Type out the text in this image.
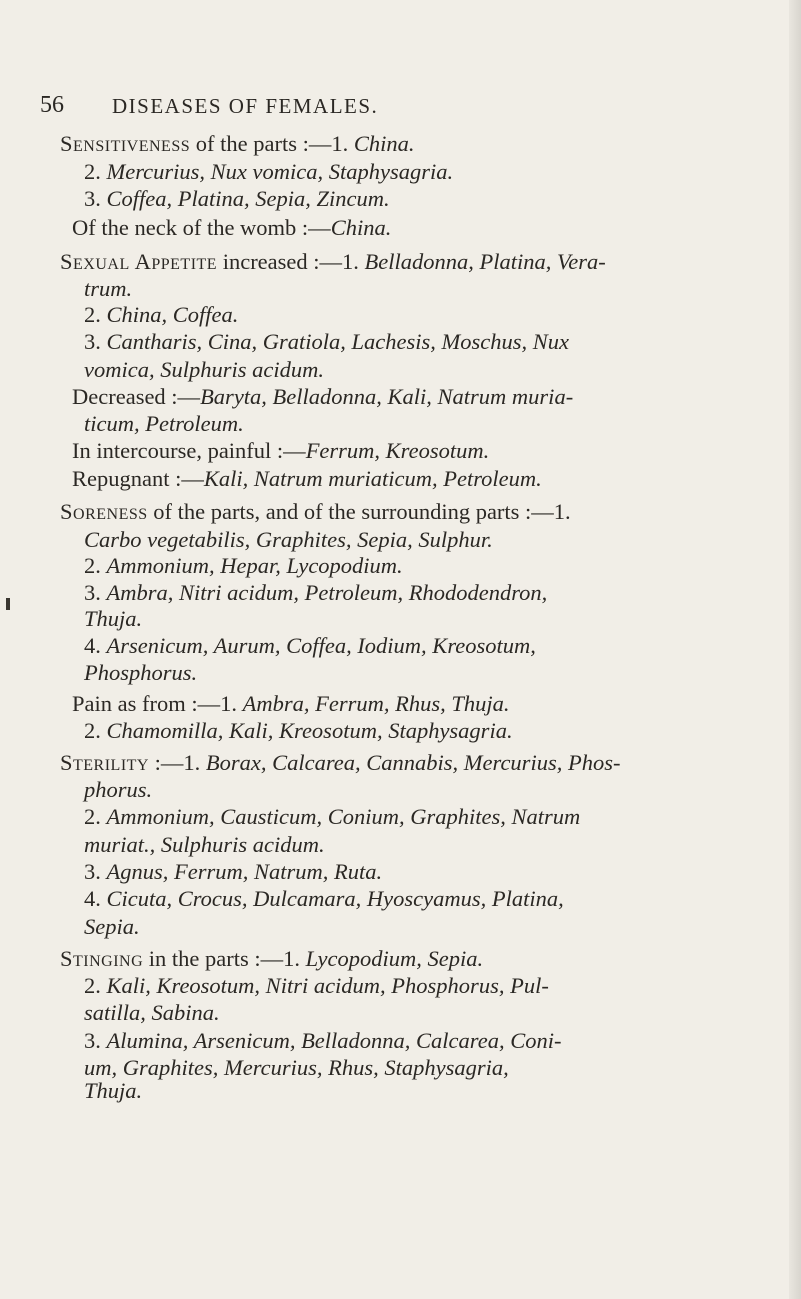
56 DISEASES OF FEMALES.
Sensitiveness of the parts :—1. China.
2. Mercurius, Nux vomica, Staphysagria.
3. Coffea, Platina, Sepia, Zincum.
Of the neck of the womb :—China.
Sexual Appetite increased :—1. Belladonna, Platina, Vera-
trum.
2. China, Coffea.
3. Cantharis, Cina, Gratiola, Lachesis, Moschus, Nux
vomica, Sulphuris acidum.
Decreased :—Baryta, Belladonna, Kali, Natrum muria-
ticum, Petroleum.
In intercourse, painful :—Ferrum, Kreosotum.
Repugnant :—Kali, Natrum muriaticum, Petroleum.
Soreness of the parts, and of the surrounding parts :—1.
Carbo vegetabilis, Graphites, Sepia, Sulphur.
2. Ammonium, Hepar, Lycopodium.
3. Ambra, Nitri acidum, Petroleum, Rhododendron,
Thuja.
4. Arsenicum, Aurum, Coffea, Iodium, Kreosotum,
Phosphorus.
Pain as from :—1. Ambra, Ferrum, Rhus, Thuja.
2. Chamomilla, Kali, Kreosotum, Staphysagria.
Sterility :—1. Borax, Calcarea, Cannabis, Mercurius, Phos-
phorus.
2. Ammonium, Causticum, Conium, Graphites, Natrum
muriat., Sulphuris acidum.
3. Agnus, Ferrum, Natrum, Ruta.
4. Cicuta, Crocus, Dulcamara, Hyoscyamus, Platina,
Sepia.
Stinging in the parts :—1. Lycopodium, Sepia.
2. Kali, Kreosotum, Nitri acidum, Phosphorus, Pul-
satilla, Sabina.
3. Alumina, Arsenicum, Belladonna, Calcarea, Coni-
um, Graphites, Mercurius, Rhus, Staphysagria,
Thuja.
